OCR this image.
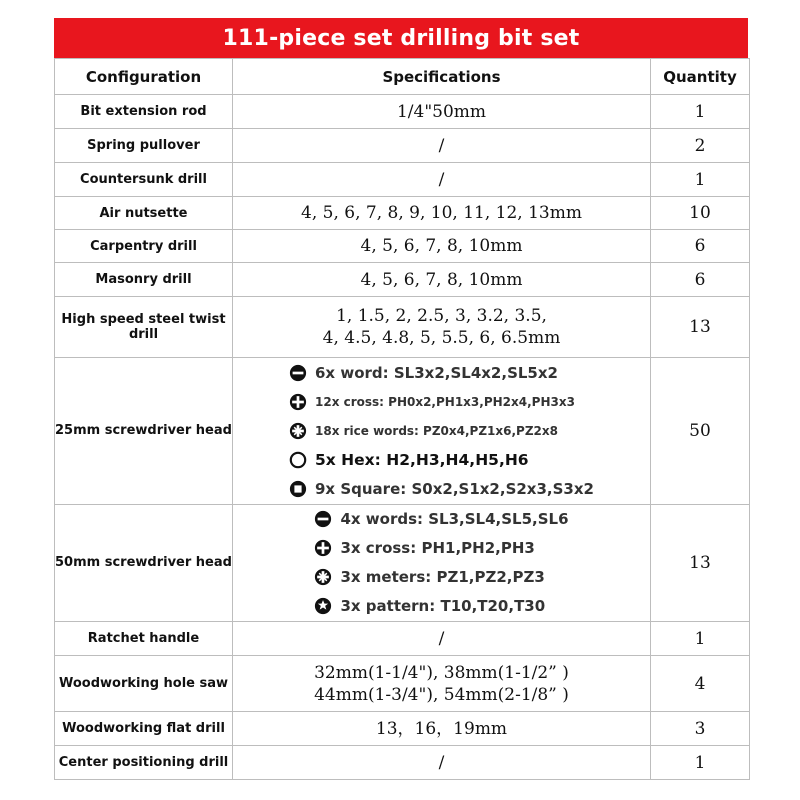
111-piece set drilling bit set
Configuration	Specifications	Quantity
Bit extension rod	1/4"50mm	1
Spring pullover	/	2
Countersunk drill	/	1
Air nutsette	4, 5, 6, 7, 8, 9, 10, 11, 12, 13mm	10
Carpentry drill	4, 5, 6, 7, 8, 10mm	6
Masonry drill	4, 5, 6, 7, 8, 10mm	6
High speed steel twist drill	1, 1.5, 2, 2.5, 3, 3.2, 3.5,
4, 4.5, 4.8, 5, 5.5, 6, 6.5mm	13
25mm screwdriver head	6x word: SL3x2,SL4x2,SL5x2
12x cross: PH0x2,PH1x3,PH2x4,PH3x3
18x rice words: PZ0x4,PZ1x6,PZ2x8
5x Hex: H2,H3,H4,H5,H6
9x Square: S0x2,S1x2,S2x3,S3x2	50
50mm screwdriver head	4x words: SL3,SL4,SL5,SL6
3x cross: PH1,PH2,PH3
3x meters: PZ1,PZ2,PZ3
3x pattern: T10,T20,T30	13
Ratchet handle	/	1
Woodworking hole saw	32mm(1-1/4"), 38mm(1-1/2” )
44mm(1-3/4"), 54mm(2-1/8” )	4
Woodworking flat drill	13，16，19mm	3
Center positioning drill	/	1
